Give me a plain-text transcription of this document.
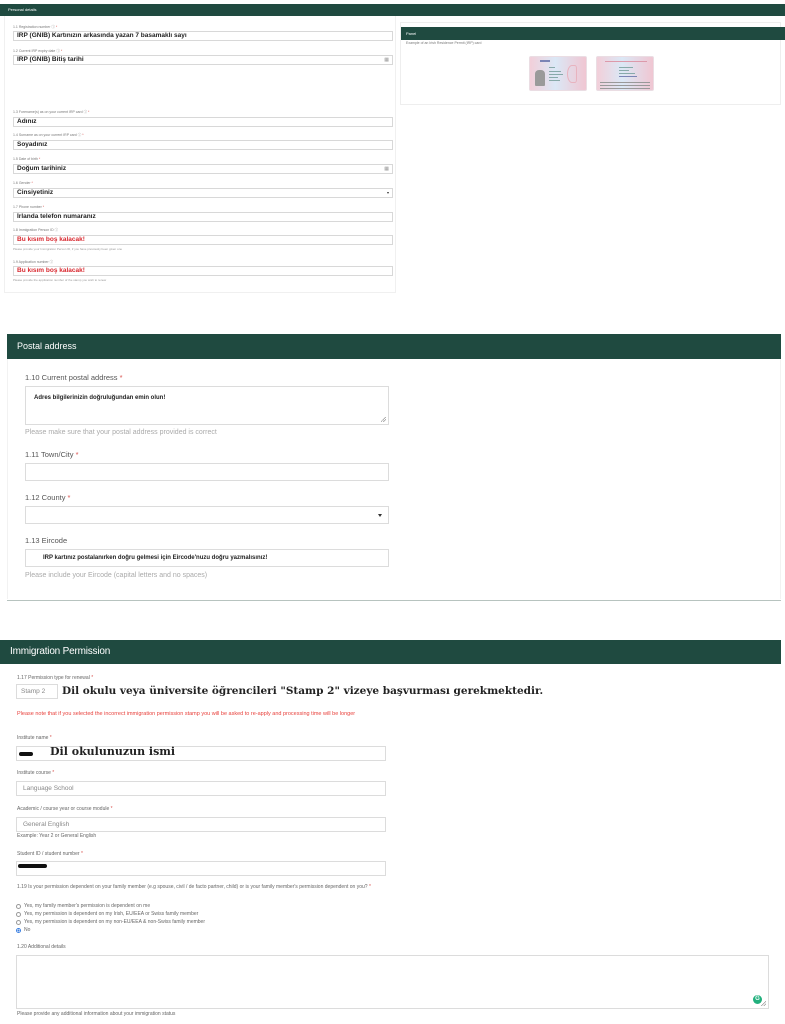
Personal details
1.1 Registration number ⓘ *
IRP (GNIB) Kartınızın arkasında yazan 7 basamaklı sayı
1.2 Current IRP expiry date ⓘ *
IRP (GNIB) Bitiş tarihi	▦
1.3 Forename(s) as on your current IRP card ⓘ *
Adınız
1.4 Surname as on your current IRP card ⓘ *
Soyadınız
1.5 Date of birth *
Doğum tarihiniz	▦
1.6 Gender *
Cinsiyetiniz
1.7 Phone number *
İrlanda telefon numaranız
1.8 Immigration Person ID ⓘ
Bu kısım boş kalacak!
Please provide your Immigration Person ID, if you have previously been given one
1.9 Application number ⓘ
Bu kısım boş kalacak!
Please provide the application number of the stamp you wish to renew
Panel
Example of an Irish Residence Permit (IRP) card
Postal address
1.10 Current postal address *
Adres bilgilerinizin doğruluğundan emin olun!
Please make sure that your postal address provided is correct
1.11 Town/City *
1.12 County *
1.13 Eircode
IRP kartınız postalanırken doğru gelmesi için Eircode'nuzu doğru yazmalısınız!
Please include your Eircode (capital letters and no spaces)
Immigration Permission
1.17 Permission type for renewal *
Stamp 2	Dil okulu veya üniversite öğrencileri "Stamp 2" vizeye başvurması gerekmektedir.
Please note that if you selected the incorrect immigration permission stamp you will be asked to re-apply and processing time will be longer
Institute name *
Dil okulunuzun ismi
Institute course *
Language School
Academic / course year or course module *
General English
Example: Year 2 or General English
Student ID / student number *
1.19 Is your permission dependent on your family member (e.g spouse, civil / de facto partner, child) or is your family member's permission dependent on you? *
Yes, my family member's permission is dependent on me
Yes, my permission is dependent on my Irish, EU/EEA or Swiss family member
Yes, my permission is dependent on my non-EU/EEA & non-Swiss family member
No
1.20 Additional details
G
Please provide any additional information about your immigration status
